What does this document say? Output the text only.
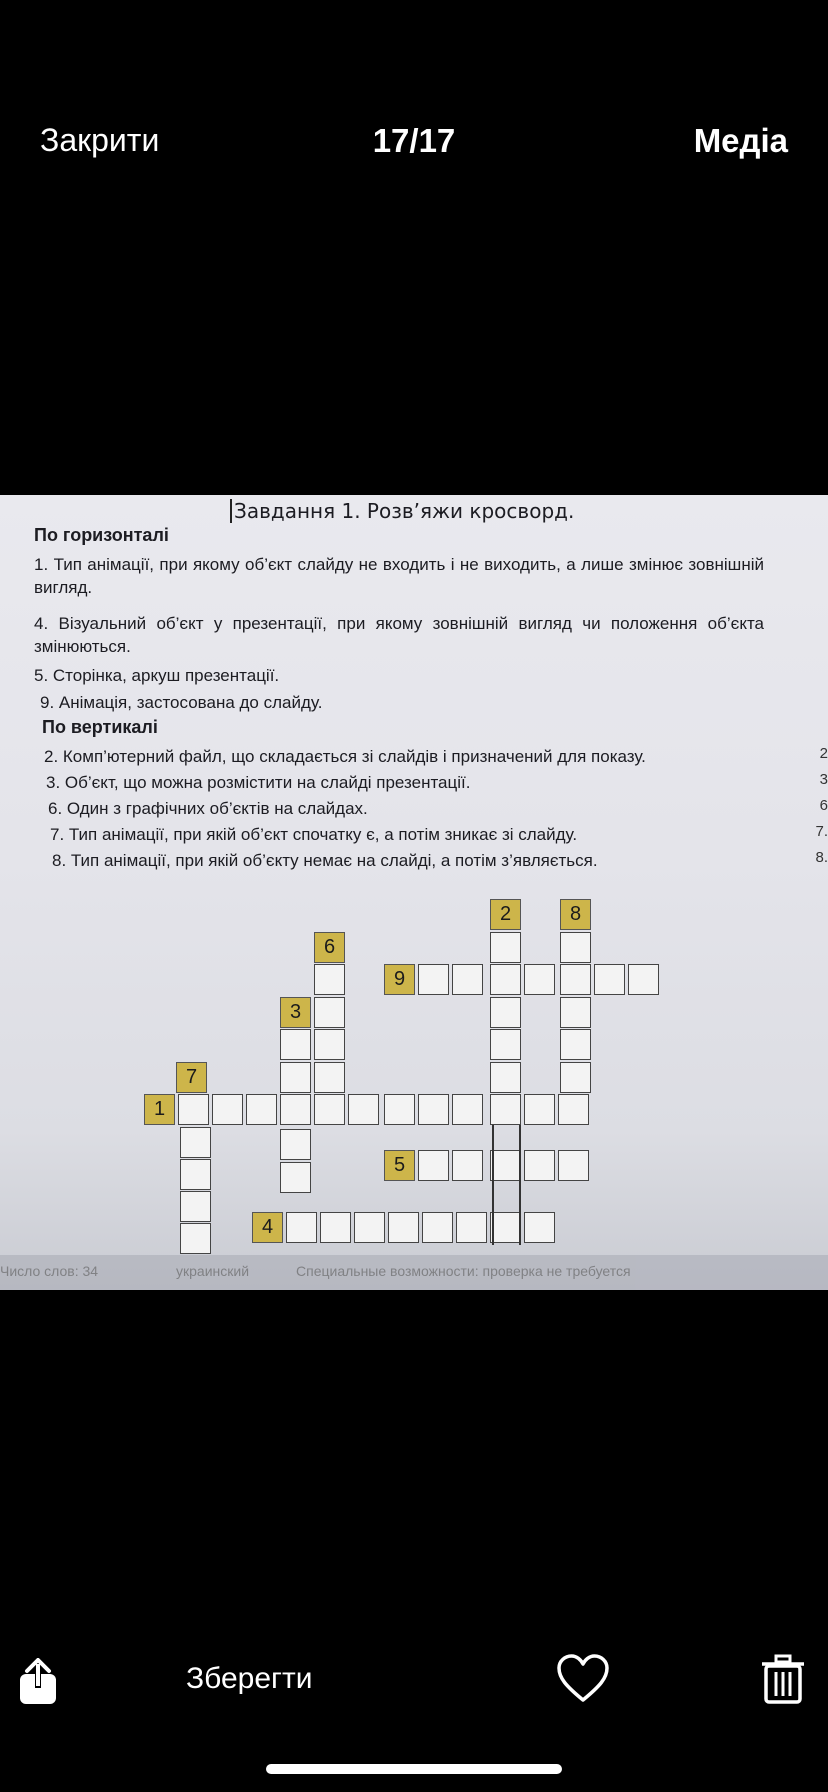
Закрити	17/17	Медіа
Завдання 1. Розв’яжи кросворд.
По горизонталі
1. Тип анімації, при якому об’єкт слайду не входить і не виходить, а лише змінює зовнішній вигляд.
4. Візуальний об’єкт у презентації, при якому зовнішній вигляд чи положення об’єкта змінюються.
5. Сторінка, аркуш презентації.
9. Анімація, застосована до слайду.
По вертикалі
2. Комп’ютерний файл, що складається зі слайдів і призначений для показу.
3. Об’єкт, що можна розмістити на слайді презентації.
6. Один з графічних об’єктів на слайдах.
7. Тип анімації, при якій об’єкт спочатку є, а потім зникає зі слайду.
8. Тип анімації, при якій об’єкту немає на слайді, а потім з’являється.
2
3
6
7.
8.
2	8
6
9
3
7
1
5
4
Число слов: 34	украинский	Специальные возможности: проверка не требуется
Зберегти
